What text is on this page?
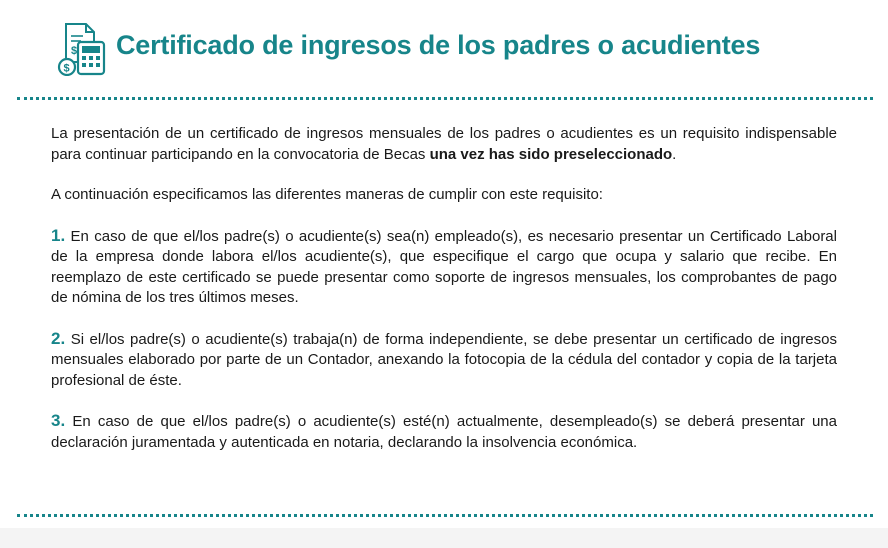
$
$
Certificado de ingresos de los padres o acudientes

La presentación de un certificado de ingresos mensuales de los padres o acudientes es un requisito indispensable para continuar participando en la convocatoria de Becas una vez has sido preseleccionado.

A continuación especificamos las diferentes maneras de cumplir con este requisito:

1. En caso de que el/los padre(s) o acudiente(s) sea(n) empleado(s), es necesario presentar un Certificado Laboral de la empresa donde labora el/los acudiente(s), que especifique el cargo que ocupa y salario que recibe. En reemplazo de este certificado se puede presentar como soporte de ingresos mensuales, los comprobantes de pago de nómina de los tres últimos meses.

2. Si el/los padre(s) o acudiente(s) trabaja(n) de forma independiente, se debe presentar un certificado de ingresos mensuales elaborado por parte de un Contador, anexando la fotocopia de la cédula del contador y copia de la tarjeta profesional de éste.

3. En caso de que el/los padre(s) o acudiente(s) esté(n) actualmente, desempleado(s) se deberá presentar una declaración juramentada y autenticada en notaria, declarando la insolvencia económica.
